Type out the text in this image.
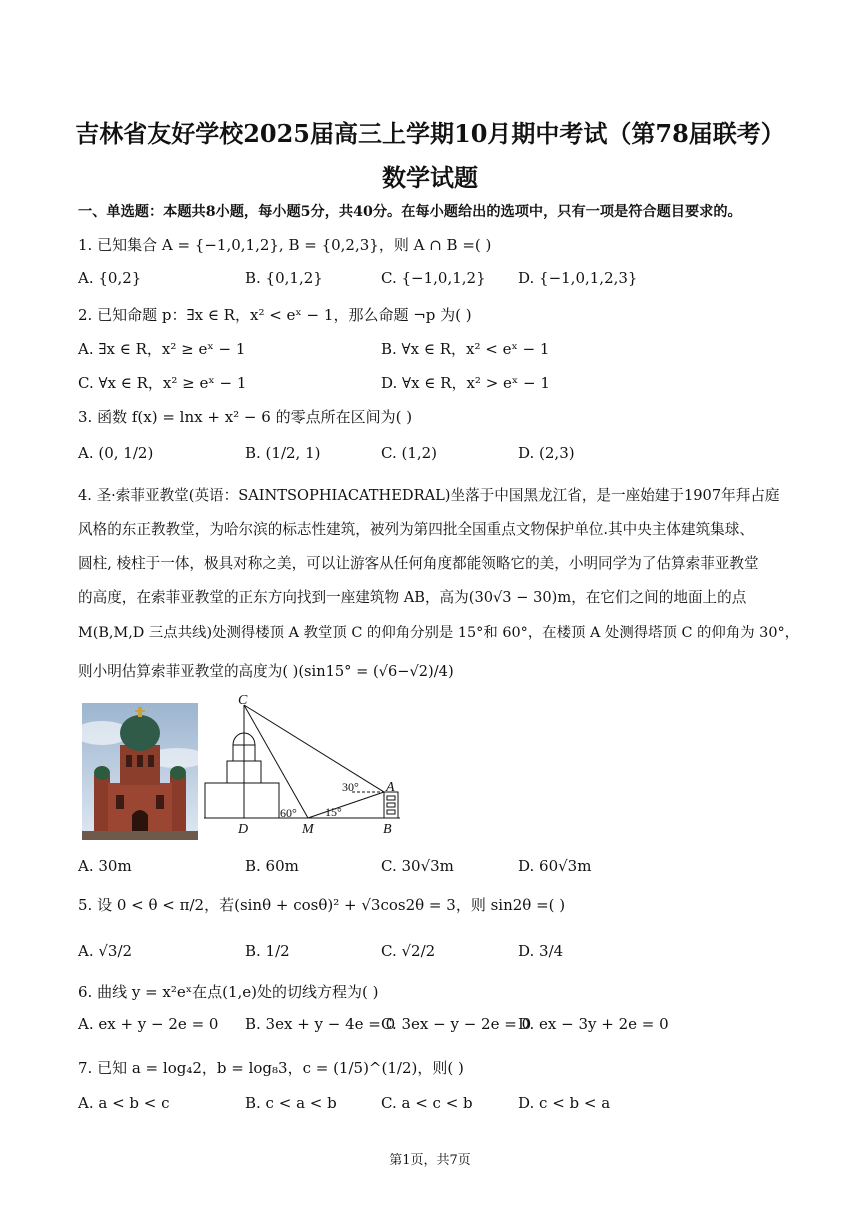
吉林省友好学校2025届高三上学期10月期中考试（第78届联考）
数学试题
一、单选题：本题共8小题，每小题5分，共40分。在每小题给出的选项中，只有一项是符合题目要求的。
1. 已知集合 A = {−1,0,1,2}, B = {0,2,3}，则 A ∩ B =( )
A. {0,2}	B. {0,1,2}	C. {−1,0,1,2} D. {−1,0,1,2,3}
2. 已知命题 p：∃x ∈ R，x² < eˣ − 1，那么命题 ¬p 为( )
A. ∃x ∈ R，x² ≥ eˣ − 1	B. ∀x ∈ R，x² < eˣ − 1
C. ∀x ∈ R，x² ≥ eˣ − 1	D. ∀x ∈ R，x² > eˣ − 1
3. 函数 f(x) = lnx + x² − 6 的零点所在区间为( )
A. (0, 1/2)	B. (1/2, 1)	C. (1,2)	D. (2,3)
4. 圣·索菲亚教堂(英语：SAINTSOPHIACATHEDRAL)坐落于中国黑龙江省，是一座始建于1907年拜占庭
风格的东正教教堂，为哈尔滨的标志性建筑，被列为第四批全国重点文物保护单位.其中央主体建筑集球、
圆柱, 棱柱于一体，极具对称之美，可以让游客从任何角度都能领略它的美，小明同学为了估算索菲亚教堂
的高度，在索菲亚教堂的正东方向找到一座建筑物 AB，高为(30√3 − 30)m，在它们之间的地面上的点
M(B,M,D 三点共线)处测得楼顶 A 教堂顶 C 的仰角分别是 15°和 60°，在楼顶 A 处测得塔顶 C 的仰角为 30°，
则小明估算索菲亚教堂的高度为( )(sin15° = (√6−√2)/4)
C
A
D	M	B
60° 15°
30°
A. 30m	B. 60m	C. 30√3m	D. 60√3m
5. 设 0 < θ < π/2，若(sinθ + cosθ)² + √3cos2θ = 3，则 sin2θ =( )
A. √3/2	B. 1/2	C. √2/2	D. 3/4
6. 曲线 y = x²eˣ在点(1,e)处的切线方程为( )
A. ex + y − 2e = 0 B. 3ex + y − 4e = 0
C. 3ex − y − 2e = 0
D. ex − 3y + 2e = 0
7. 已知 a = log₄2，b = log₈3，c = (1/5)^(1/2)，则( )
A. a < b < c	B. c < a < b	C. a < c < b	D. c < b < a
第1页，共7页
